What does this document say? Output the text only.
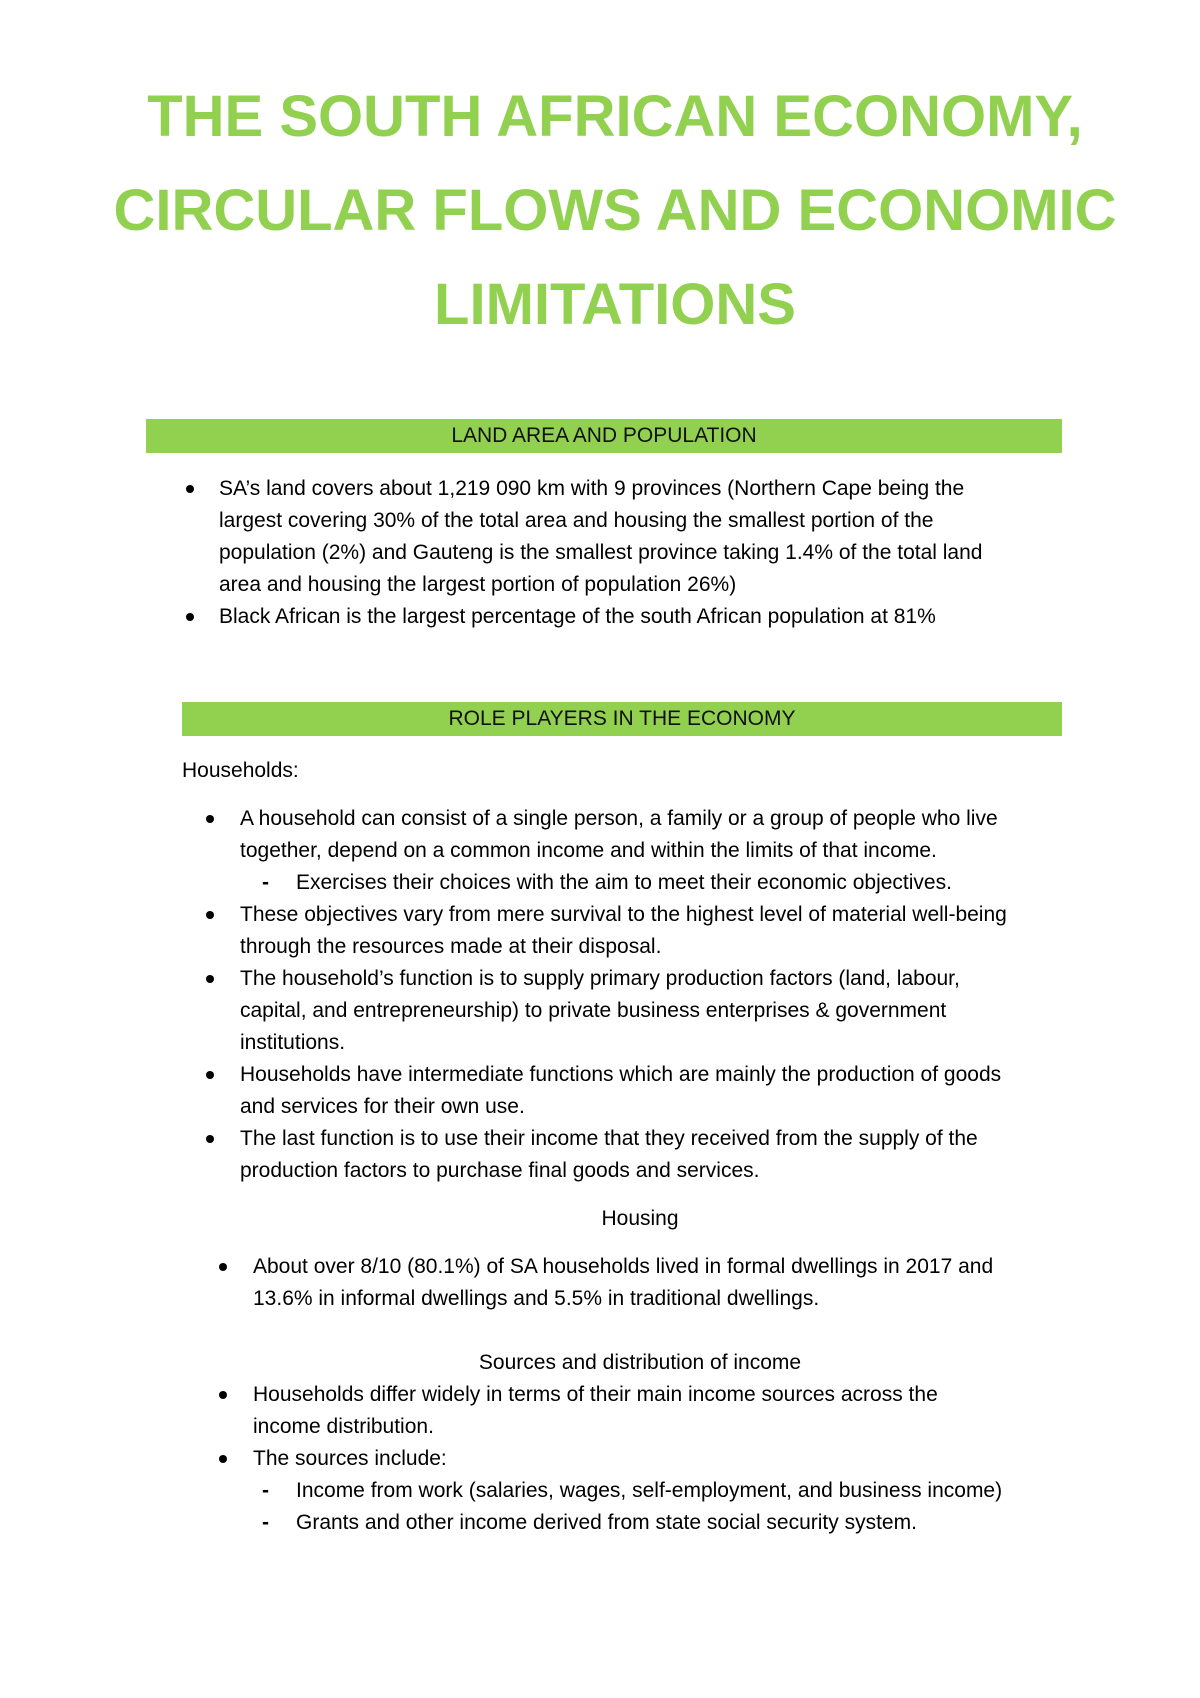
THE SOUTH AFRICAN ECONOMY,
CIRCULAR FLOWS AND ECONOMIC
LIMITATIONS
LAND AREA AND POPULATION
SA’s land covers about 1,219 090 km with 9 provinces (Northern Cape being the
largest covering 30% of the total area and housing the smallest portion of the
population (2%) and Gauteng is the smallest province taking 1.4% of the total land
area and housing the largest portion of population 26%)
Black African is the largest percentage of the south African population at 81%
ROLE PLAYERS IN THE ECONOMY
Households:
A household can consist of a single person, a family or a group of people who live
together, depend on a common income and within the limits of that income.
- Exercises their choices with the aim to meet their economic objectives.
These objectives vary from mere survival to the highest level of material well-being
through the resources made at their disposal.
The household’s function is to supply primary production factors (land, labour,
capital, and entrepreneurship) to private business enterprises & government
institutions.
Households have intermediate functions which are mainly the production of goods
and services for their own use.
The last function is to use their income that they received from the supply of the
production factors to purchase final goods and services.
Housing
About over 8/10 (80.1%) of SA households lived in formal dwellings in 2017 and
13.6% in informal dwellings and 5.5% in traditional dwellings.
Sources and distribution of income
Households differ widely in terms of their main income sources across the
income distribution.
The sources include:
- Income from work (salaries, wages, self-employment, and business income)
- Grants and other income derived from state social security system.
